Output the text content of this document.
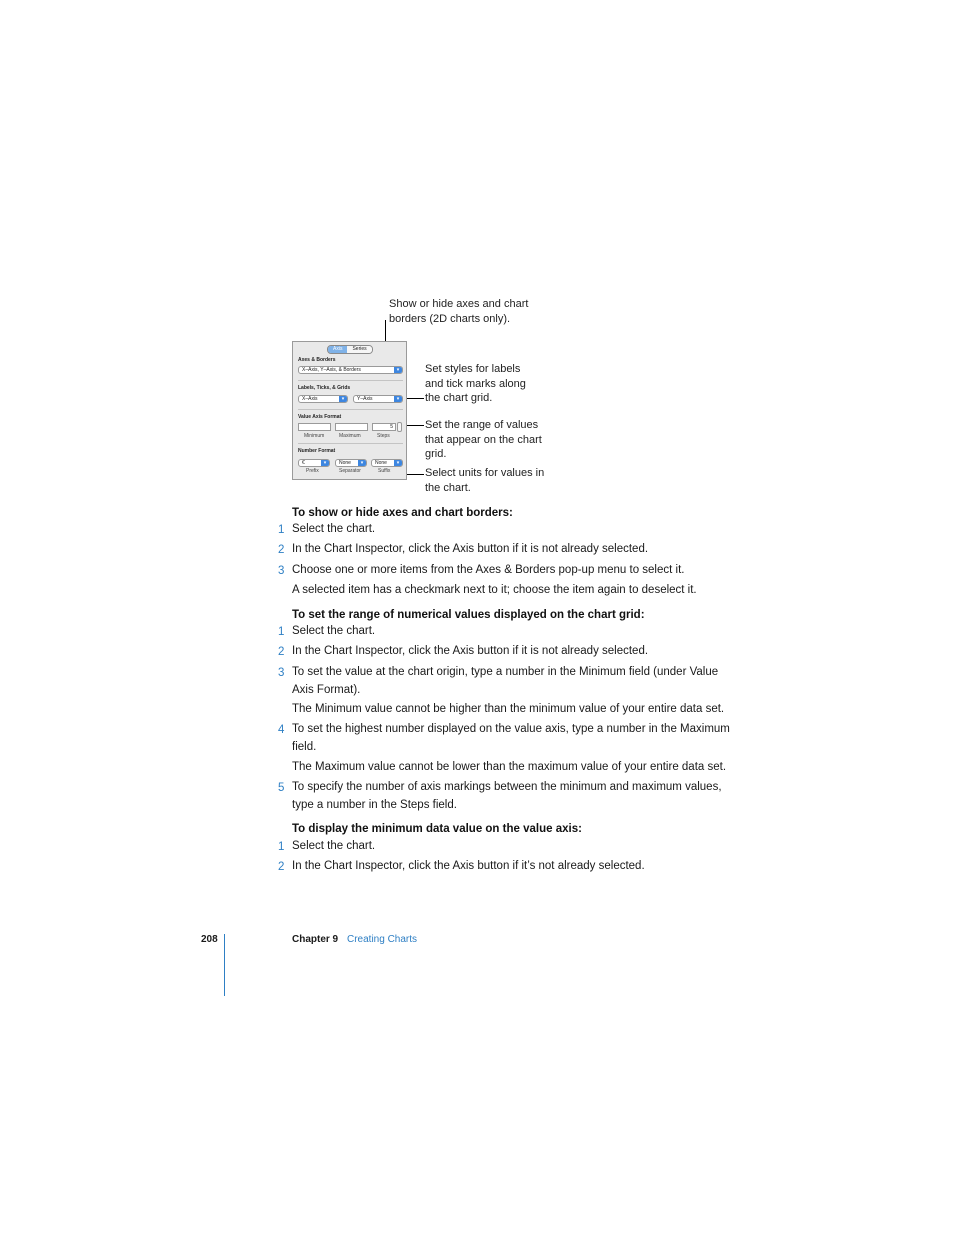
Show or hide axes and chart
borders (2D charts only).
Set styles for labels
and tick marks along
the chart grid.
Set the range of values
that appear on the chart
grid.
Select units for values in
the chart.
Axis	Series
Axes & Borders
X–Axis, Y–Axis, & Borders	▾
Labels, Ticks, & Grids
X–Axis	▾	Y–Axis	▾
Value Axis Format
5
Minimum	Maximum	Steps
Number Format
€	▾	None	▾	None	▾
Prefix	Separator	Suffix
To show or hide axes and chart borders:
1 Select the chart.
2 In the Chart Inspector, click the Axis button if it is not already selected.
3 Choose one or more items from the Axes & Borders pop-up menu to select it.
A selected item has a checkmark next to it; choose the item again to deselect it.
To set the range of numerical values displayed on the chart grid:
1 Select the chart.
2 In the Chart Inspector, click the Axis button if it is not already selected.
3 To set the value at the chart origin, type a number in the Minimum field (under Value Axis Format).
The Minimum value cannot be higher than the minimum value of your entire data set.
4 To set the highest number displayed on the value axis, type a number in the Maximum field.
The Maximum value cannot be lower than the maximum value of your entire data set.
5 To specify the number of axis markings between the minimum and maximum values, type a number in the Steps field.
To display the minimum data value on the value axis:
1 Select the chart.
2 In the Chart Inspector, click the Axis button if it’s not already selected.
208	Chapter 9 Creating Charts
